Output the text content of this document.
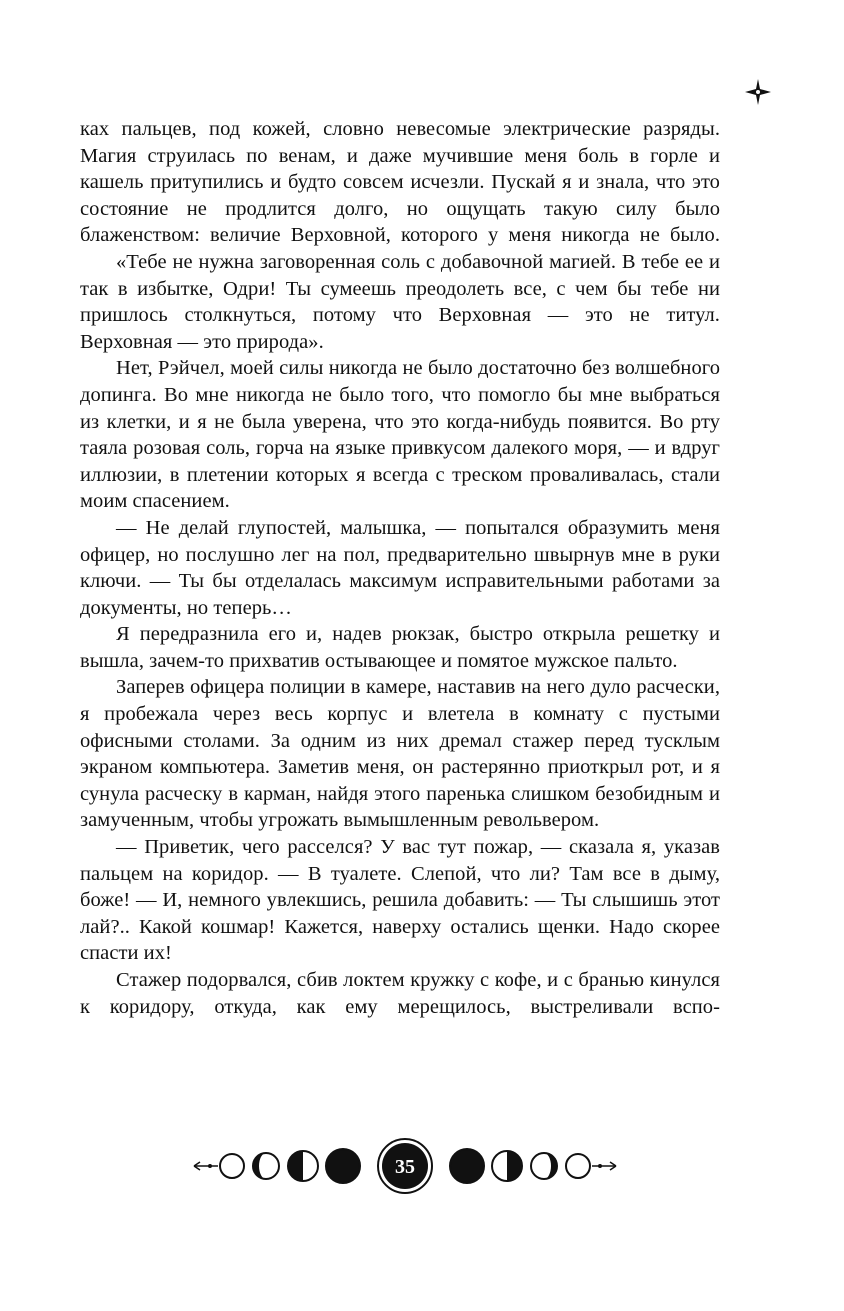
ках пальцев, под кожей, словно невесомые электрические разряды. Магия струилась по венам, и даже мучившие меня боль в горле и кашель притупились и будто совсем исчезли. Пускай я и знала, что это состояние не продлится долго, но ощущать такую силу было блаженством: величие Верховной, которого у меня никогда не было.

«Тебе не нужна заговоренная соль с добавочной магией. В тебе ее и так в избытке, Одри! Ты сумеешь преодолеть все, с чем бы тебе ни пришлось столкнуться, потому что Верховная — это не титул. Верховная — это природа».

Нет, Рэйчел, моей силы никогда не было достаточно без волшебного допинга. Во мне никогда не было того, что помогло бы мне выбраться из клетки, и я не была уверена, что это когда-нибудь появится. Во рту таяла розовая соль, горча на языке привкусом далекого моря, — и вдруг иллюзии, в плетении которых я всегда с треском проваливалась, стали моим спасением.

— Не делай глупостей, малышка, — попытался образумить меня офицер, но послушно лег на пол, предварительно швырнув мне в руки ключи. — Ты бы отделалась максимум исправительными работами за документы, но теперь…

Я передразнила его и, надев рюкзак, быстро открыла решетку и вышла, зачем-то прихватив остывающее и помятое мужское пальто.

Заперев офицера полиции в камере, наставив на него дуло расчески, я пробежала через весь корпус и влетела в комнату с пустыми офисными столами. За одним из них дремал стажер перед тусклым экраном компьютера. Заметив меня, он растерянно приоткрыл рот, и я сунула расческу в карман, найдя этого паренька слишком безобидным и замученным, чтобы угрожать вымышленным револьвером.

— Приветик, чего расселся? У вас тут пожар, — сказала я, указав пальцем на коридор. — В туалете. Слепой, что ли? Там все в дыму, боже! — И, немного увлекшись, решила добавить: — Ты слышишь этот лай?.. Какой кошмар! Кажется, наверху остались щенки. Надо скорее спасти их!

Стажер подорвался, сбив локтем кружку с кофе, и с бранью кинулся к коридору, откуда, как ему мерещилось, выстреливали вспо-

35
